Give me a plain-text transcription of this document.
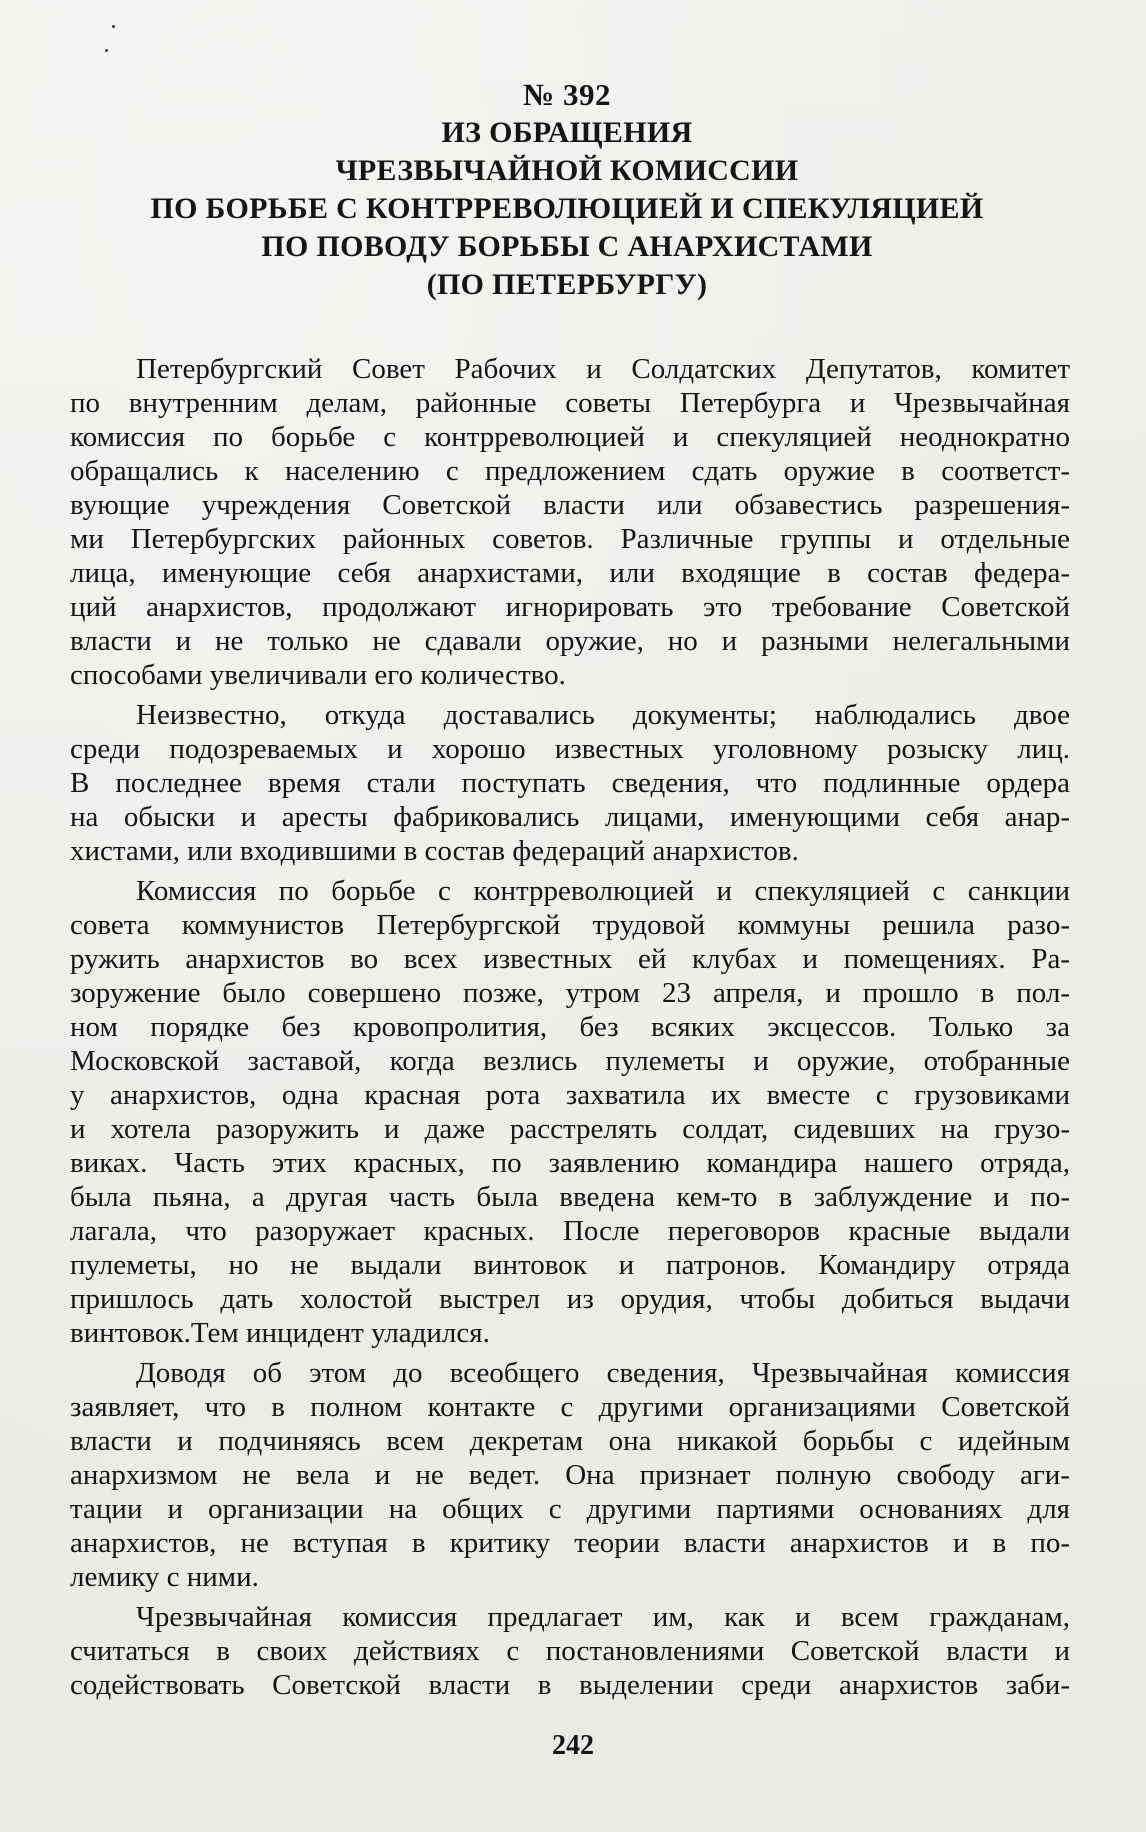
№ 392
ИЗ ОБРАЩЕНИЯ
ЧРЕЗВЫЧАЙНОЙ КОМИССИИ
ПО БОРЬБЕ С КОНТРРЕВОЛЮЦИЕЙ И СПЕКУЛЯЦИЕЙ
ПО ПОВОДУ БОРЬБЫ С АНАРХИСТАМИ
(ПО ПЕТЕРБУРГУ)
Петербургский Совет Рабочих и Солдатских Депутатов, комитет
по внутренним делам, районные советы Петербурга и Чрезвычайная
комиссия по борьбе с контрреволюцией и спекуляцией неоднократно
обращались к населению с предложением сдать оружие в соответст-
вующие учреждения Советской власти или обзавестись разрешения-
ми Петербургских районных советов. Различные группы и отдельные
лица, именующие себя анархистами, или входящие в состав федера-
ций анархистов, продолжают игнорировать это требование Советской
власти и не только не сдавали оружие, но и разными нелегальными
способами увеличивали его количество.
Неизвестно, откуда доставались документы; наблюдались двое
среди подозреваемых и хорошо известных уголовному розыску лиц.
В последнее время стали поступать сведения, что подлинные ордера
на обыски и аресты фабриковались лицами, именующими себя анар-
хистами, или входившими в состав федераций анархистов.
Комиссия по борьбе с контрреволюцией и спекуляцией с санкции
совета коммунистов Петербургской трудовой коммуны решила разо-
ружить анархистов во всех известных ей клубах и помещениях. Ра-
зоружение было совершено позже, утром 23 апреля, и прошло в пол-
ном порядке без кровопролития, без всяких эксцессов. Только за
Московской заставой, когда везлись пулеметы и оружие, отобранные
у анархистов, одна красная рота захватила их вместе с грузовиками
и хотела разоружить и даже расстрелять солдат, сидевших на грузо-
виках. Часть этих красных, по заявлению командира нашего отряда,
была пьяна, а другая часть была введена кем-то в заблуждение и по-
лагала, что разоружает красных. После переговоров красные выдали
пулеметы, но не выдали винтовок и патронов. Командиру отряда
пришлось дать холостой выстрел из орудия, чтобы добиться выдачи
винтовок.Тем инцидент уладился.
Доводя об этом до всеобщего сведения, Чрезвычайная комиссия
заявляет, что в полном контакте с другими организациями Советской
власти и подчиняясь всем декретам она никакой борьбы с идейным
анархизмом не вела и не ведет. Она признает полную свободу аги-
тации и организации на общих с другими партиями основаниях для
анархистов, не вступая в критику теории власти анархистов и в по-
лемику с ними.
Чрезвычайная комиссия предлагает им, как и всем гражданам,
считаться в своих действиях с постановлениями Советской власти и
содействовать Советской власти в выделении среди анархистов заби-
242
